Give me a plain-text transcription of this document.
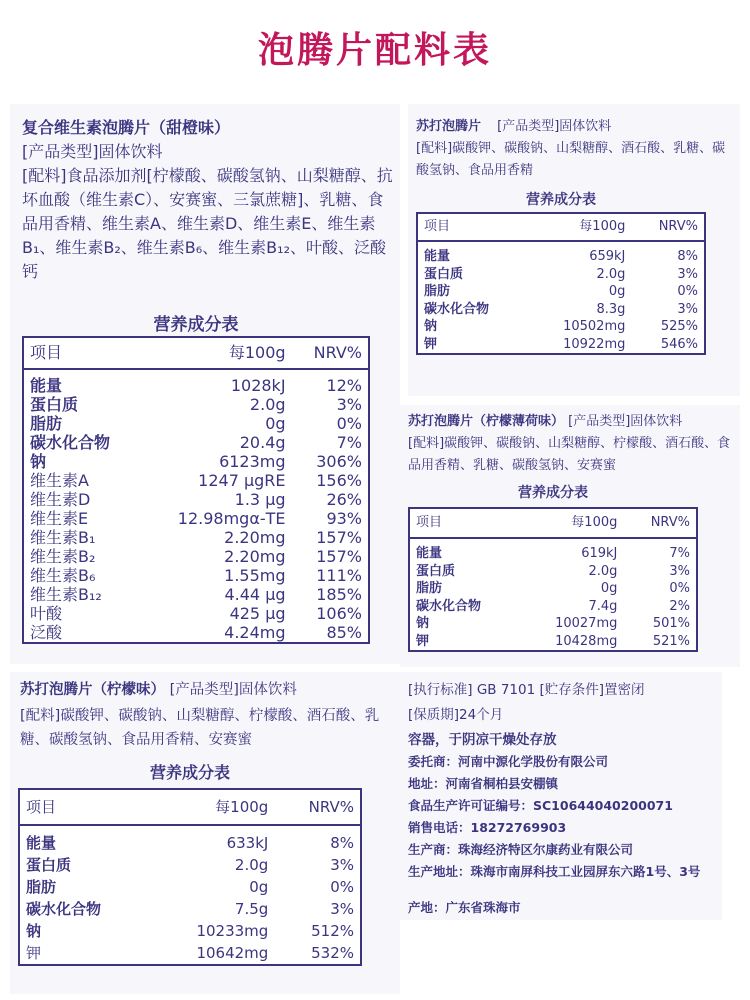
泡腾片配料表
复合维生素泡腾片（甜橙味）
[产品类型]固体饮料
[配料]食品添加剂[柠檬酸、碳酸氢钠、山梨糖醇、抗坏血酸（维生素C）、安赛蜜、三氯蔗糖]、乳糖、食品用香精、维生素A、维生素D、维生素E、维生素B₁、维生素B₂、维生素B₆、维生素B₁₂、叶酸、泛酸钙
营养成分表
项目	每100g	NRV%

能量	1028kJ	12%
蛋白质	2.0g	3%
脂肪	0g	0%
碳水化合物	20.4g	7%
钠	6123mg	306%
维生素A	1247 μgRE	156%
维生素D	1.3 μg	26%
维生素E	12.98mgα-TE	93%
维生素B₁	2.20mg	157%
维生素B₂	2.20mg	157%
维生素B₆	1.55mg	111%
维生素B₁₂	4.44 μg	185%
叶酸	425 μg	106%
泛酸	4.24mg	85%
苏打泡腾片 [产品类型]固体饮料
[配料]碳酸钾、碳酸钠、山梨糖醇、酒石酸、乳糖、碳酸氢钠、食品用香精
营养成分表
项目	每100g	NRV%

能量	659kJ	8%
蛋白质	2.0g	3%
脂肪	0g	0%
碳水化合物	8.3g	3%
钠	10502mg	525%
钾	10922mg	546%
苏打泡腾片（柠檬薄荷味） [产品类型]固体饮料
[配料]碳酸钾、碳酸钠、山梨糖醇、柠檬酸、酒石酸、食品用香精、乳糖、碳酸氢钠、安赛蜜
营养成分表
项目	每100g	NRV%

能量	619kJ	7%
蛋白质	2.0g	3%
脂肪	0g	0%
碳水化合物	7.4g	2%
钠	10027mg	501%
钾	10428mg	521%
苏打泡腾片（柠檬味） [产品类型]固体饮料
[配料]碳酸钾、碳酸钠、山梨糖醇、柠檬酸、酒石酸、乳糖、碳酸氢钠、食品用香精、安赛蜜
营养成分表
项目	每100g	NRV%

能量	633kJ	8%
蛋白质	2.0g	3%
脂肪	0g	0%
碳水化合物	7.5g	3%
钠	10233mg	512%
钾	10642mg	532%
[执行标准] GB 7101 [贮存条件]置密闭
[保质期]24个月
容器，于阴凉干燥处存放
委托商：河南中源化学股份有限公司
地址：河南省桐柏县安棚镇
食品生产许可证编号：SC10644040200071
销售电话：18272769903
生产商：珠海经济特区尔康药业有限公司
生产地址：珠海市南屏科技工业园屏东六路1号、3号
产地：广东省珠海市
